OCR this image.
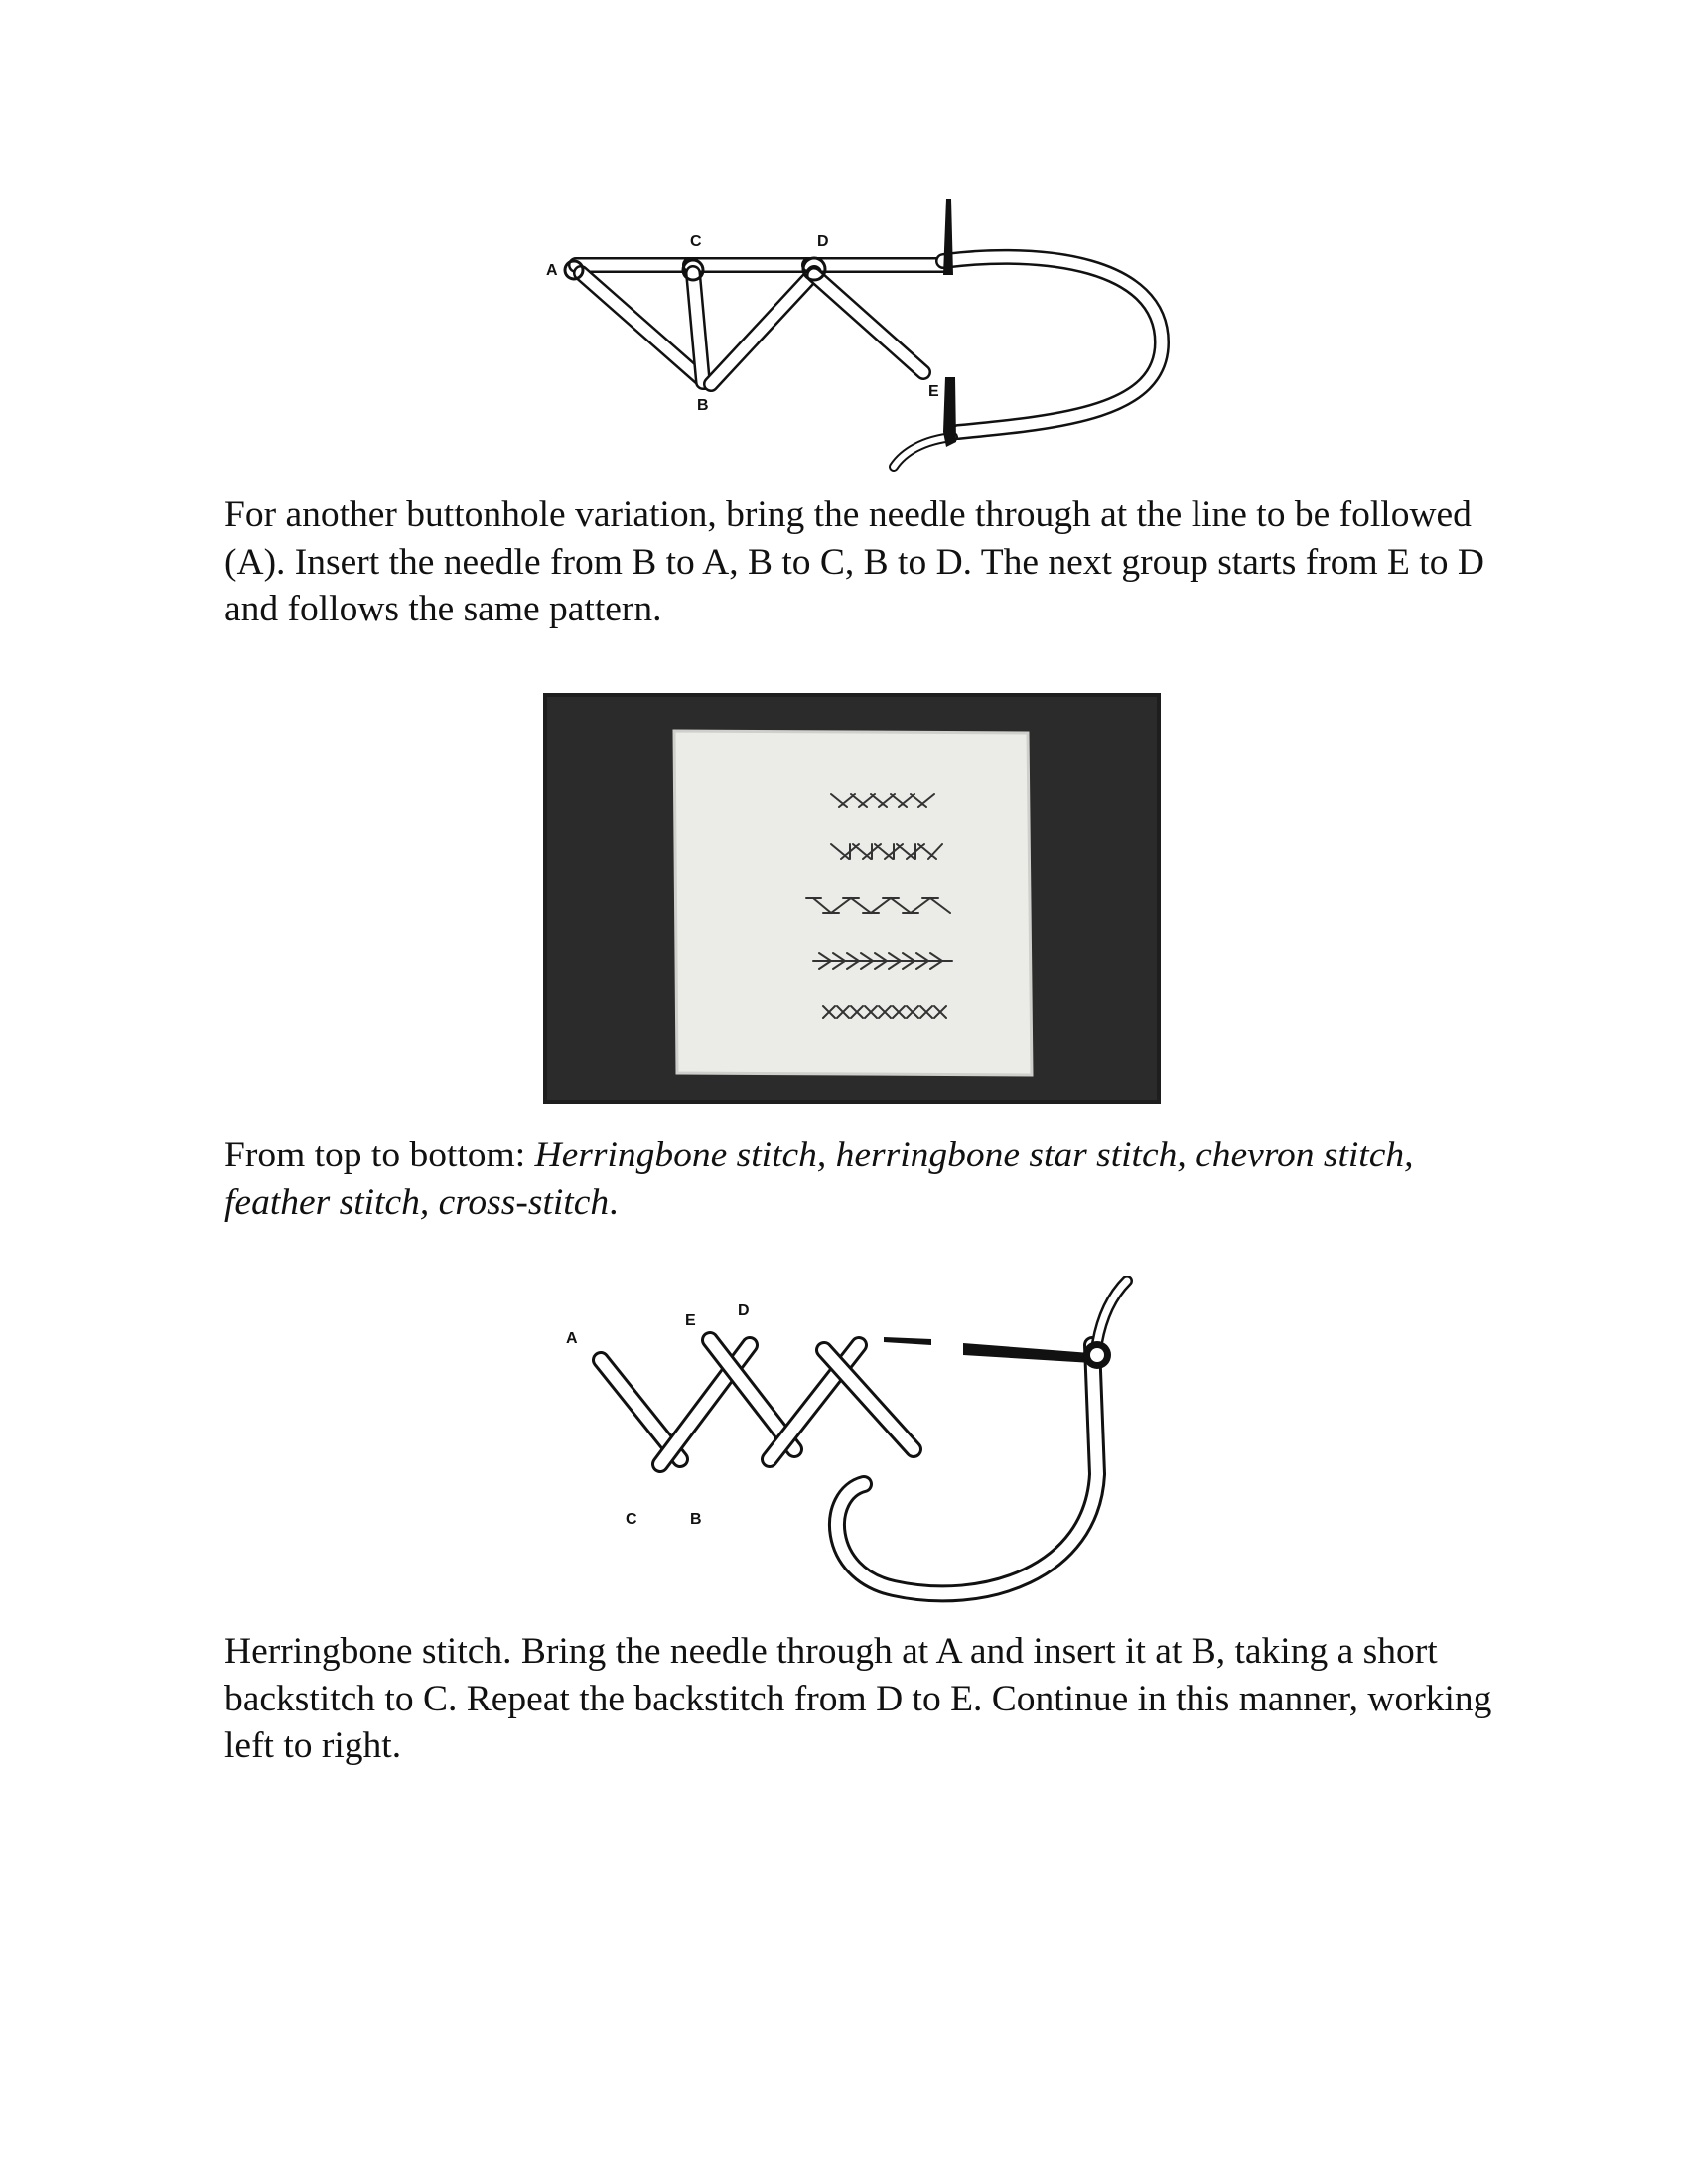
A
B
C	D
E

For another buttonhole variation, bring the needle through at the line to be followed (A). Insert the needle from B to A, B to C, B to D. The next group starts from E to D and follows the same pattern.

From top to bottom: Herringbone stitch, herringbone star stitch, chevron stitch, feather stitch, cross-stitch.

A
E
D
C	B

Herringbone stitch. Bring the needle through at A and insert it at B, taking a short backstitch to C. Repeat the backstitch from D to E. Continue in this manner, working left to right.
